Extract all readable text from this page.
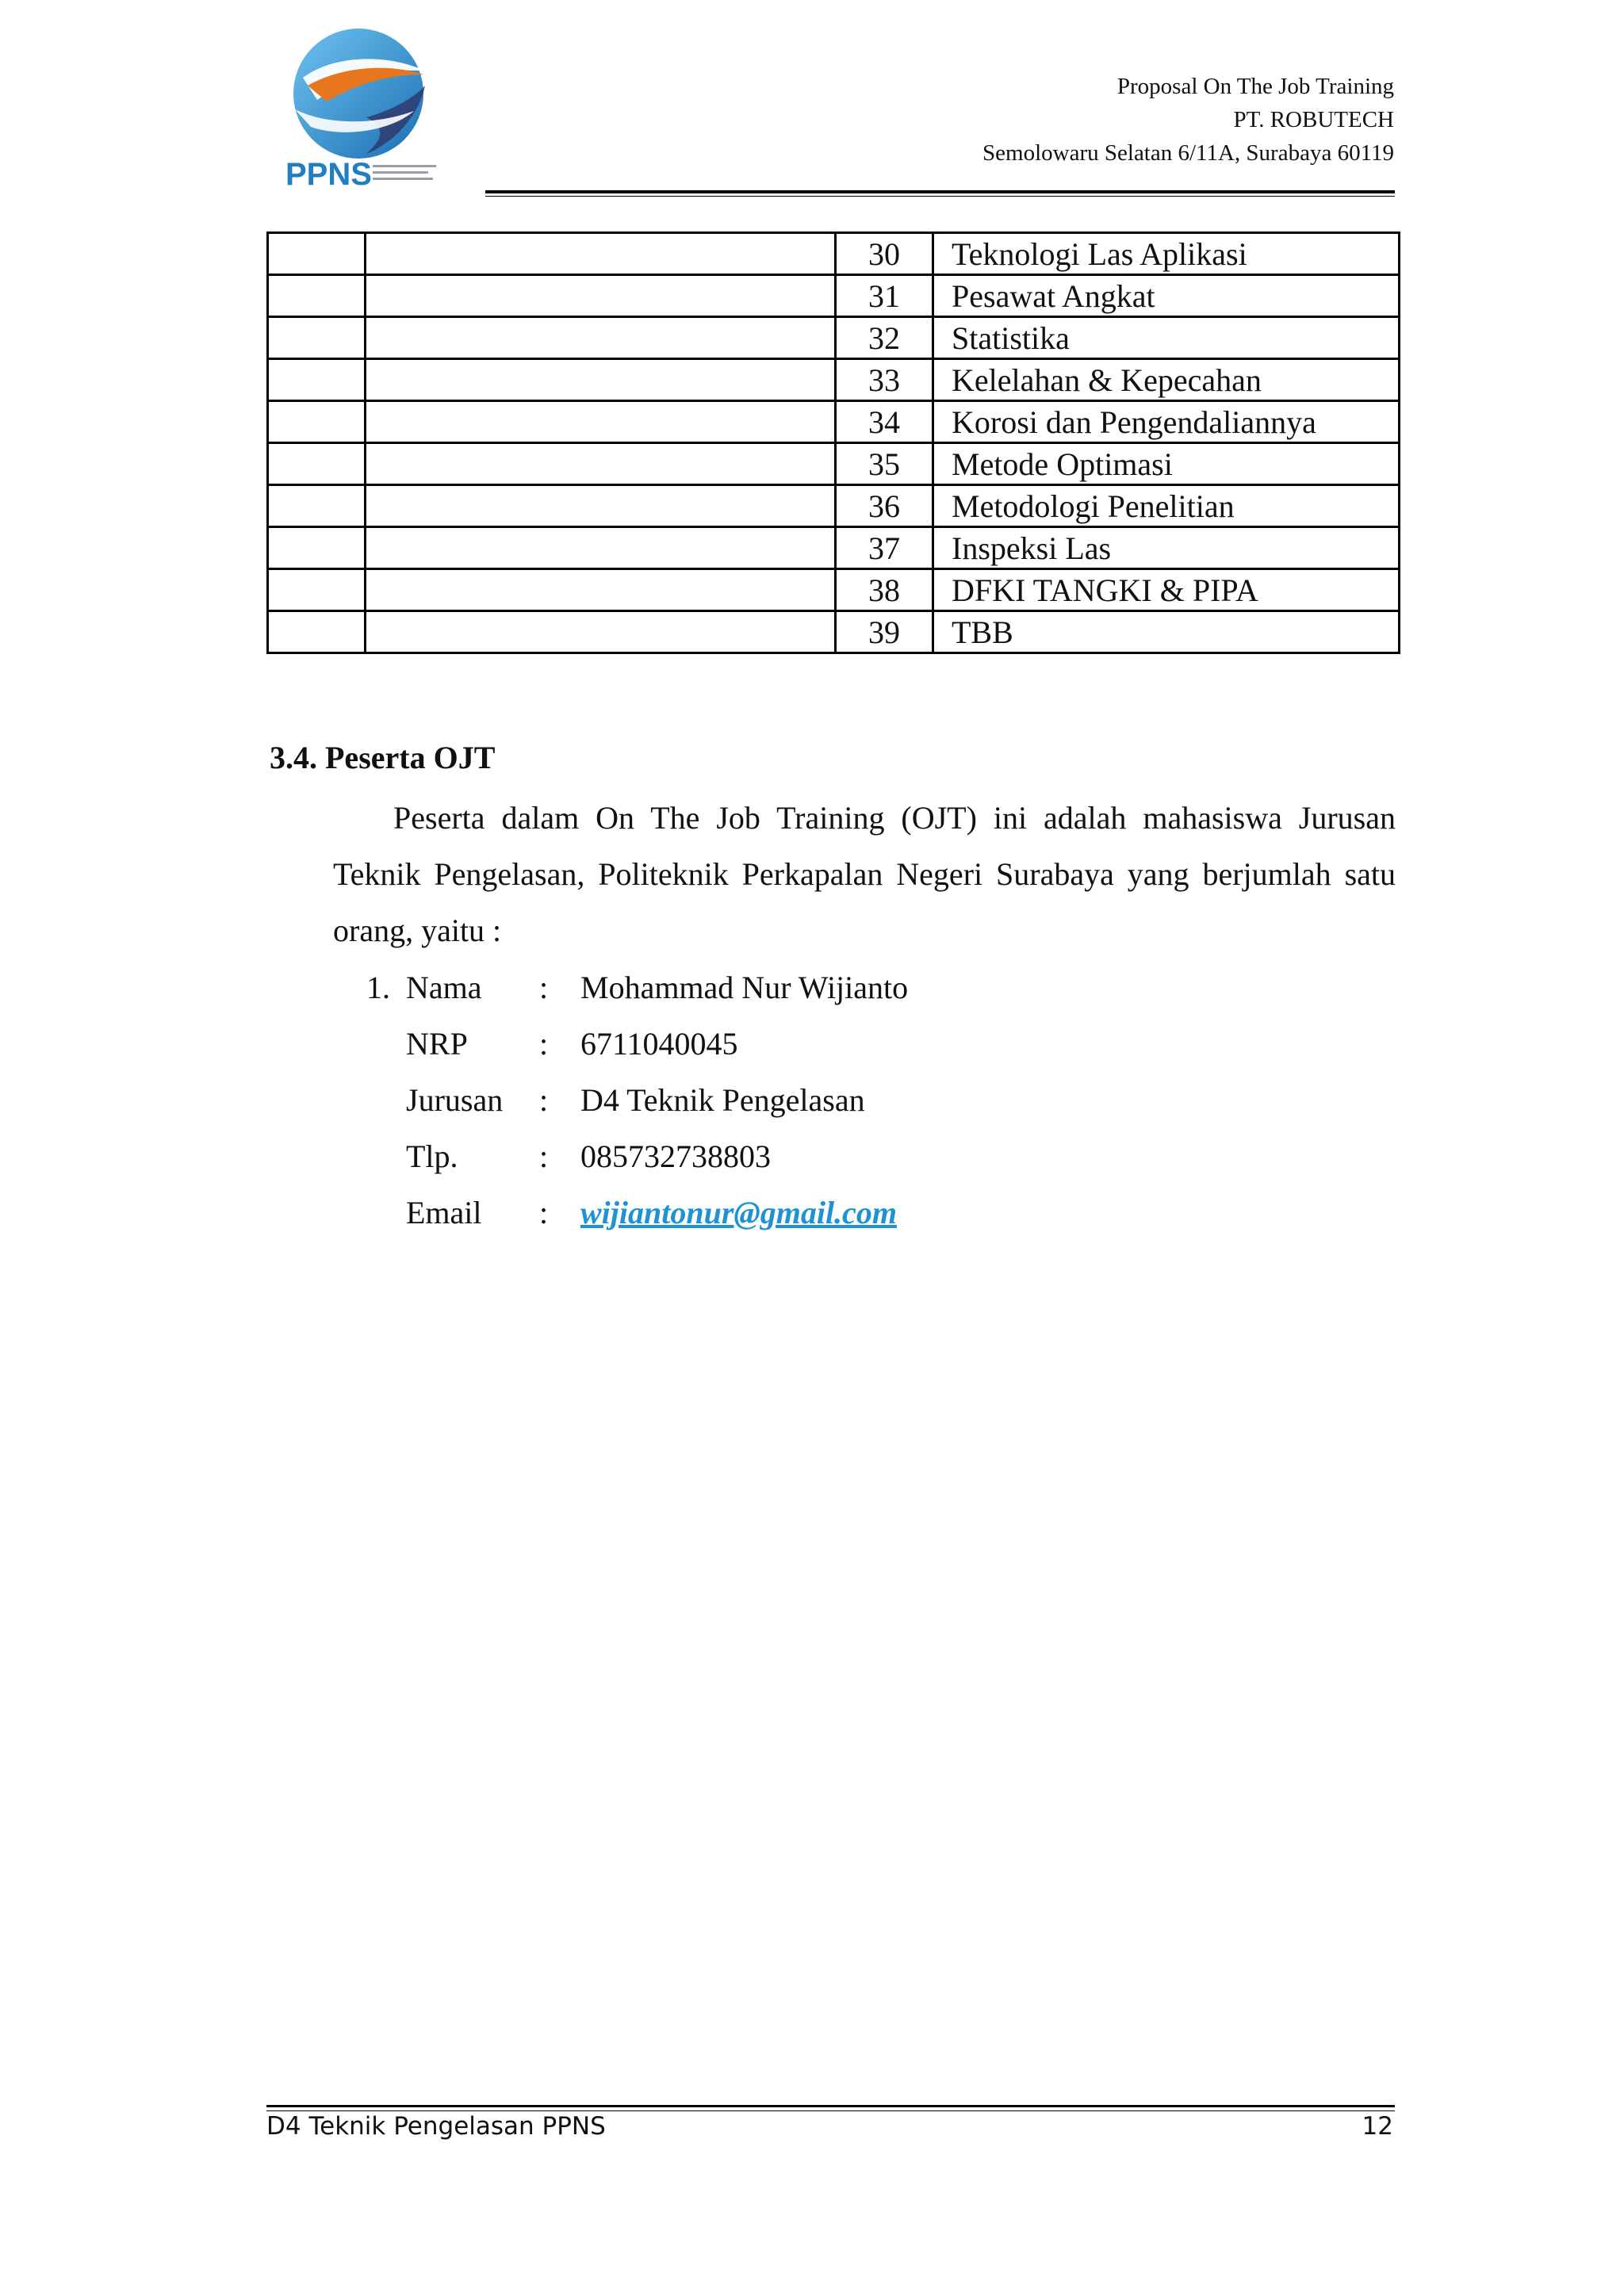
PPNS
Proposal On The Job Training
PT. ROBUTECH
Semolowaru Selatan 6/11A, Surabaya 60119
		30	Teknologi Las Aplikasi
		31	Pesawat Angkat
		32	Statistika
		33	Kelelahan & Kepecahan
		34	Korosi dan Pengendaliannya
		35	Metode Optimasi
		36	Metodologi Penelitian
		37	Inspeksi Las
		38	DFKI TANGKI & PIPA
		39	TBB
3.4. Peserta OJT
Peserta dalam On The Job Training (OJT) ini adalah mahasiswa Jurusan Teknik Pengelasan, Politeknik Perkapalan Negeri Surabaya yang berjumlah satu orang, yaitu :
1. Nama : Mohammad Nur Wijianto
NRP : 6711040045
Jurusan : D4 Teknik Pengelasan
Tlp.	: 085732738803
Email : wijiantonur@gmail.com
D4 Teknik Pengelasan PPNS	12
